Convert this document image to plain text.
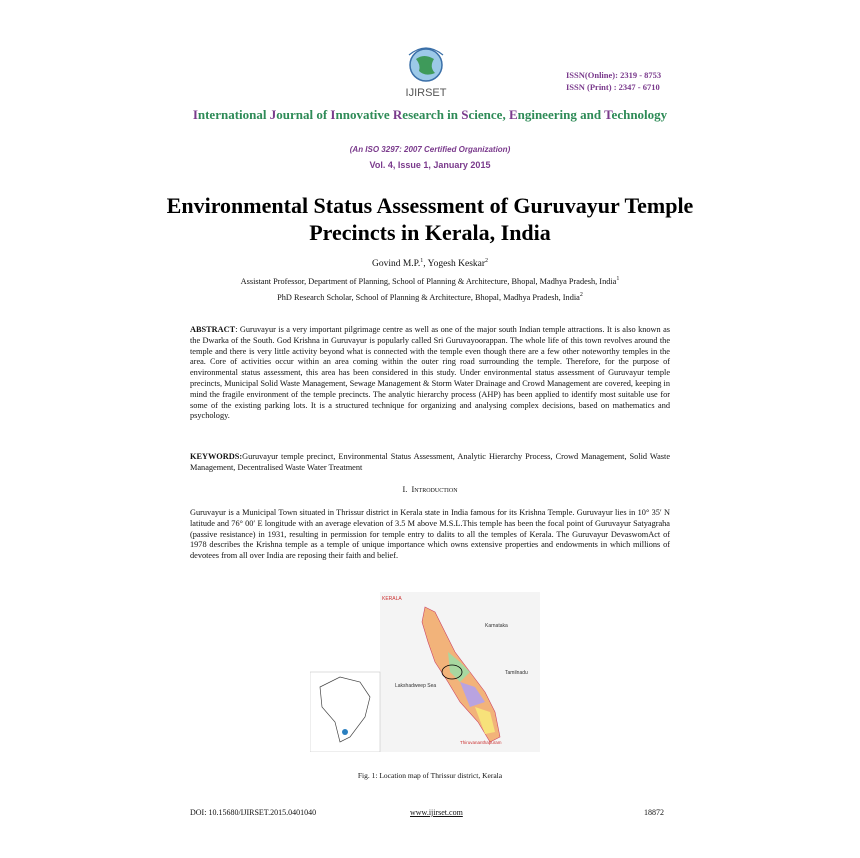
IJIRSET
ISSN(Online): 2319 - 8753
ISSN (Print) : 2347 - 6710
International Journal of Innovative Research in Science, Engineering and Technology
(An ISO 3297: 2007 Certified Organization)
Vol. 4, Issue 1, January 2015
Environmental Status Assessment of Guruvayur Temple Precincts in Kerala, India
Govind M.P.$^1$, Yogesh Keskar$^2$
Assistant Professor, Department of Planning, School of Planning & Architecture, Bhopal, Madhya Pradesh, India$^1$
PhD Research Scholar, School of Planning & Architecture, Bhopal, Madhya Pradesh, India$^2$
ABSTRACT: Guruvayur is a very important pilgrimage centre as well as one of the major south Indian temple attractions. It is also known as the Dwarka of the South. God Krishna in Guruvayur is popularly called Sri Guruvayoorappan. The whole life of this town revolves around the temple and there is very little activity beyond what is connected with the temple even though there are a few other noteworthy temples in the area. Core of activities occur within an area coming within the outer ring road surrounding the temple. Therefore, for the purpose of environmental status assessment, this area has been considered in this study. Under environmental status assessment of Guruvayur temple precincts, Municipal Solid Waste Management, Sewage Management & Storm Water Drainage and Crowd Management are covered, keeping in mind the fragile environment of the temple precincts. The analytic hierarchy process (AHP) has been applied to identify most suitable use for some of the existing parking lots. It is a structured technique for organizing and analysing complex decisions, based on mathematics and psychology.
KEYWORDS:Guruvayur temple precinct, Environmental Status Assessment, Analytic Hierarchy Process, Crowd Management, Solid Waste Management, Decentralised Waste Water Treatment
I. Introduction
Guruvayur is a Municipal Town situated in Thrissur district in Kerala state in India famous for its Krishna Temple. Guruvayur lies in 10° 35′ N latitude and 76° 00′ E longitude with an average elevation of 3.5 M above M.S.L.This temple has been the focal point of Guruvayur Satyagraha (passive resistance) in 1931, resulting in permission for temple entry to dalits to all the temples of Kerala. The Guruvayur DevaswomAct of 1978 describes the Krishna temple as a temple of unique importance which owns extensive properties and endowments in which millions of devotees from all over India are reposing their faith and belief.
KERALA
Karnataka
Tamilnadu
Lakshadweep Sea
Thiruvananthapuram
Fig. 1: Location map of Thrissur district, Kerala
DOI: 10.15680/IJIRSET.2015.0401040	www.ijirset.com	18872
